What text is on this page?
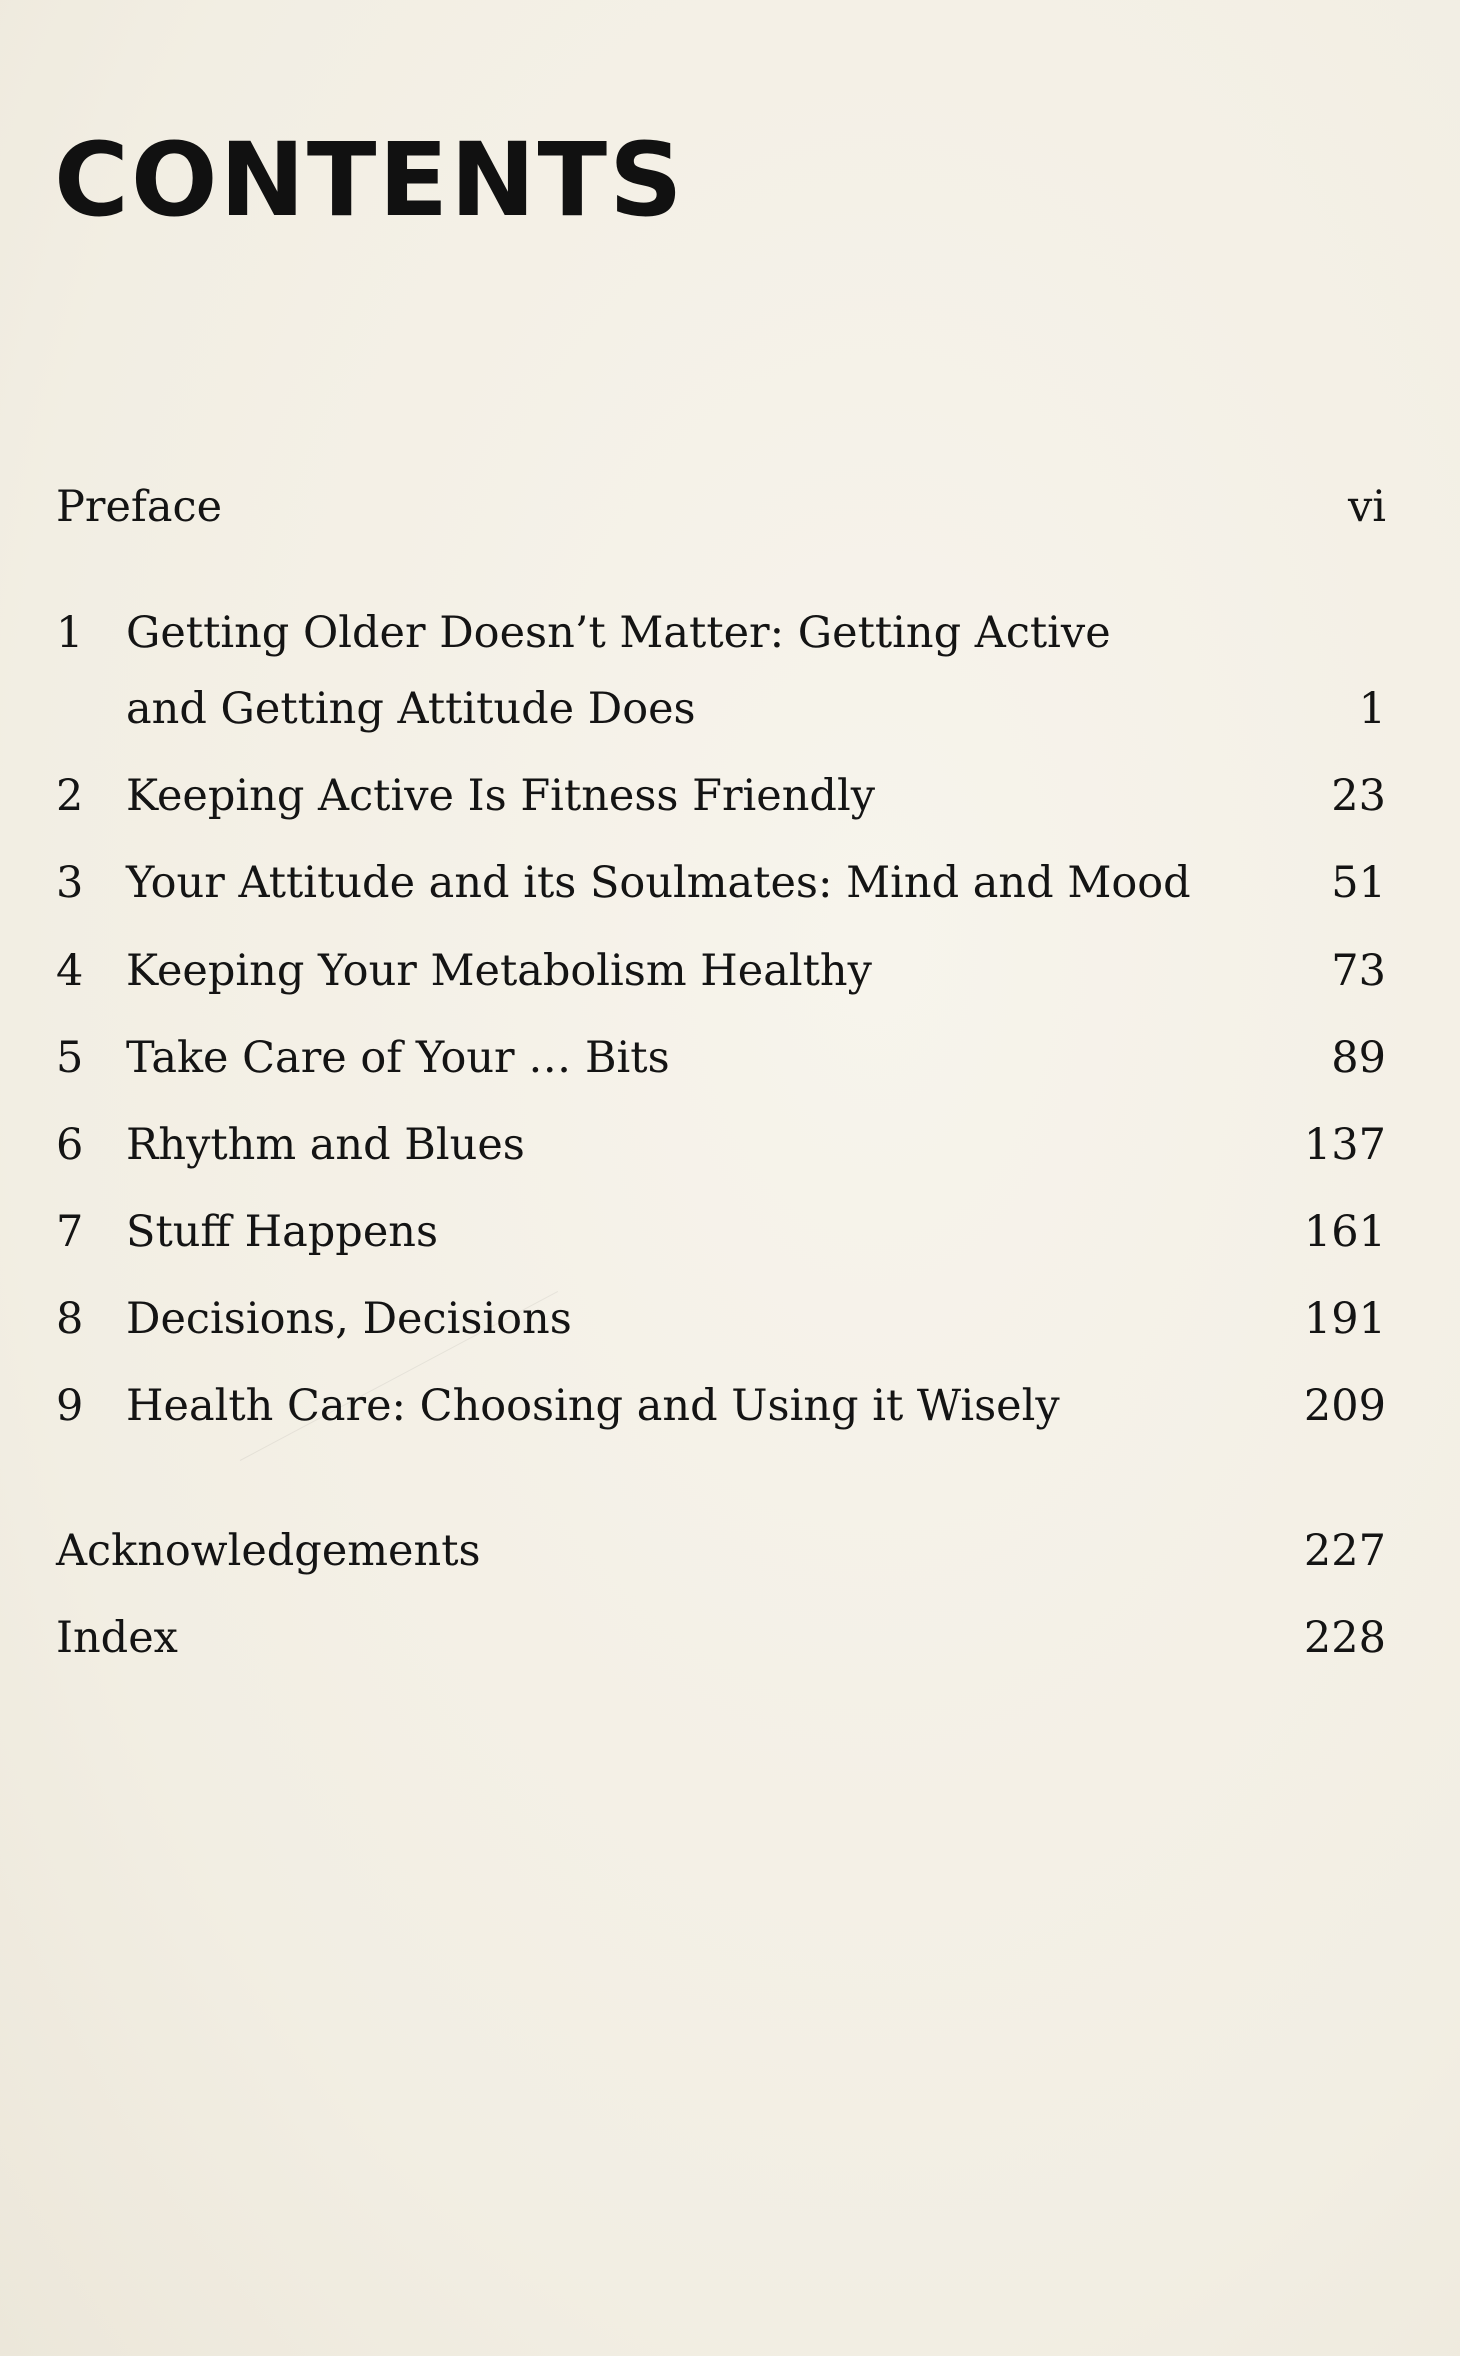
CONTENTS
Preface	vi
1 Getting Older Doesn’t Matter: Getting Active
and Getting Attitude Does	1
2 Keeping Active Is Fitness Friendly	23
3 Your Attitude and its Soulmates: Mind and Mood	51
4 Keeping Your Metabolism Healthy	73
5 Take Care of Your … Bits	89
6 Rhythm and Blues	137
7 Stuff Happens	161
8 Decisions, Decisions	191
9 Health Care: Choosing and Using it Wisely	209
Acknowledgements	227
Index	228
